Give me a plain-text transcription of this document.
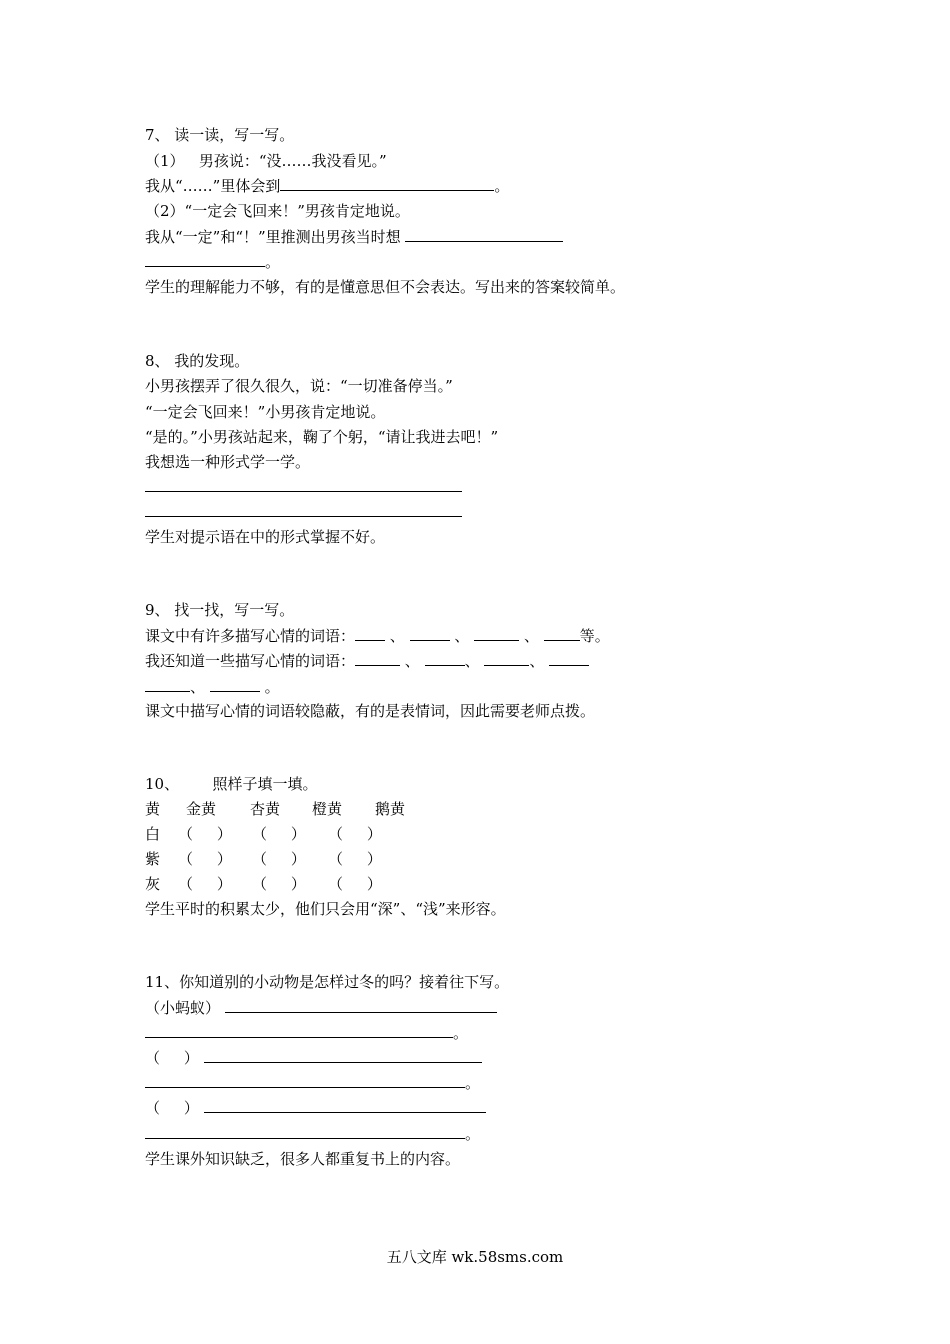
7、 读一读，写一写。
（1）   男孩说：“没……我没看见。”
我从“……”里体会到	。
（2）“一定会飞回来！”男孩肯定地说。
我从“一定”和“！”里推测出男孩当时想
。
学生的理解能力不够，有的是懂意思但不会表达。写出来的答案较简单。
8、 我的发现。
小男孩摆弄了很久很久，说：“一切准备停当。”
“一定会飞回来！”小男孩肯定地说。
“是的。”小男孩站起来，鞠了个躬，“请让我进去吧！”
我想选一种形式学一学。
学生对提示语在中的形式掌握不好。
9、 找一找，写一写。
课文中有许多描写心情的词语： 、	、	、	等。
我还知道一些描写心情的词语：	、	、	、
、	。
课文中描写心情的词语较隐蔽，有的是表情词，因此需要老师点拨。
10、       照样子填一填。
黄 金黄 杏黄 橙黄 鹅黄
白 （     ） （     ） （     ）
紫 （     ） （     ） （     ）
灰 （     ） （     ） （     ）
学生平时的积累太少，他们只会用“深”、“浅”来形容。
11、你知道别的小动物是怎样过冬的吗？接着往下写。
（小蚂蚁）
。
（     ）
。
（     ）
。
学生课外知识缺乏，很多人都重复书上的内容。
五八文库 wk.58sms.com
